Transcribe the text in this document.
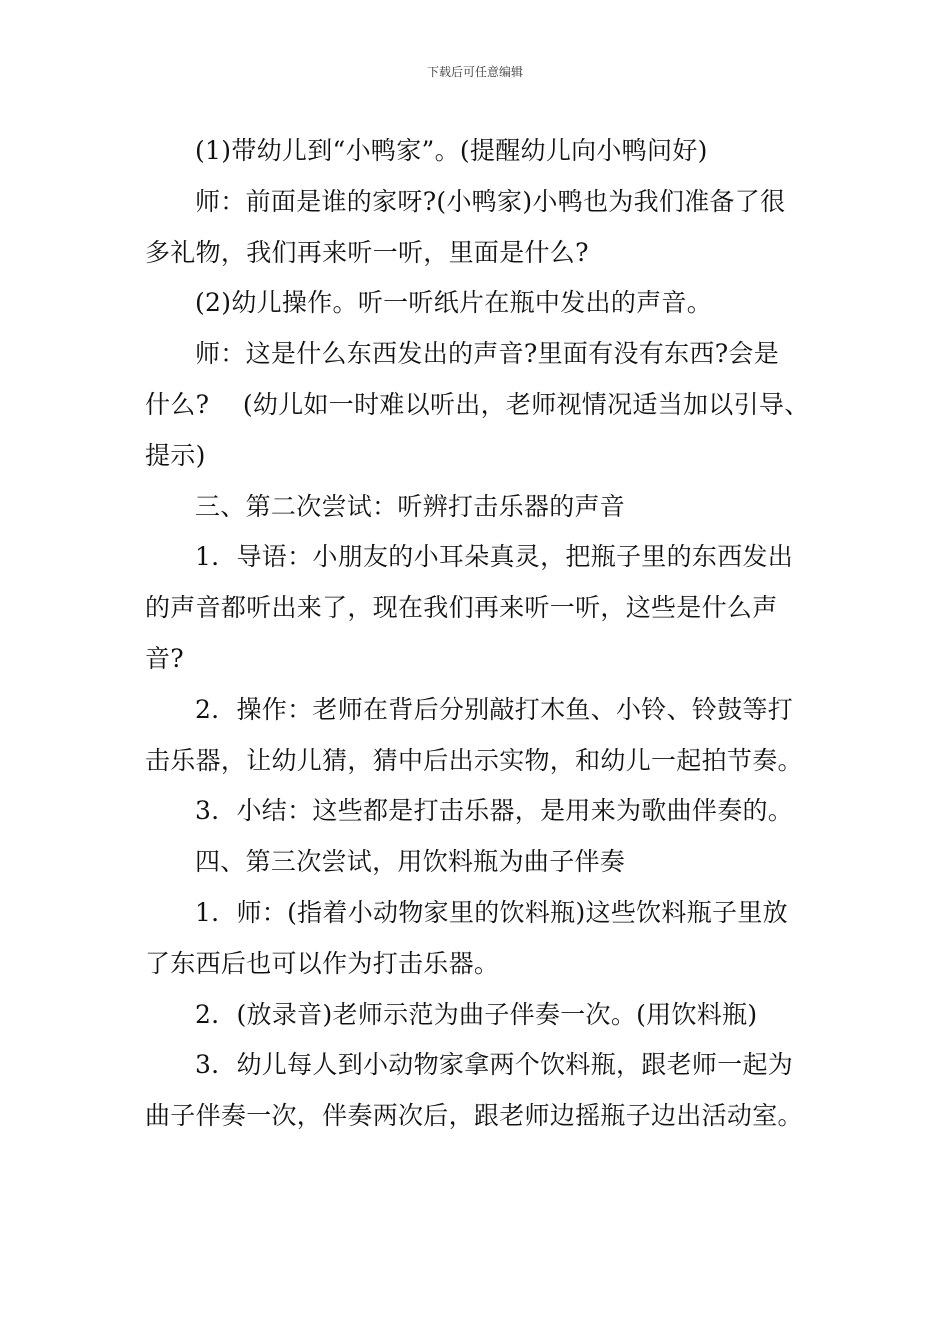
下载后可任意编辑
(1)带幼儿到“小鸭家”。(提醒幼儿向小鸭问好)
师：前面是谁的家呀?(小鸭家)小鸭也为我们准备了很
多礼物，我们再来听一听，里面是什么?
(2)幼儿操作。听一听纸片在瓶中发出的声音。
师：这是什么东西发出的声音?里面有没有东西?会是
什么?　 (幼儿如一时难以听出，老师视情况适当加以引导、
提示)
三、第二次尝试：听辨打击乐器的声音
1．导语：小朋友的小耳朵真灵，把瓶子里的东西发出
的声音都听出来了，现在我们再来听一听，这些是什么声
音?
2．操作：老师在背后分别敲打木鱼、小铃、铃鼓等打
击乐器，让幼儿猜，猜中后出示实物，和幼儿一起拍节奏。
3．小结：这些都是打击乐器，是用来为歌曲伴奏的。
四、第三次尝试，用饮料瓶为曲子伴奏
1．师：(指着小动物家里的饮料瓶)这些饮料瓶子里放
了东西后也可以作为打击乐器。
2．(放录音)老师示范为曲子伴奏一次。(用饮料瓶)
3．幼儿每人到小动物家拿两个饮料瓶，跟老师一起为
曲子伴奏一次，伴奏两次后，跟老师边摇瓶子边出活动室。
